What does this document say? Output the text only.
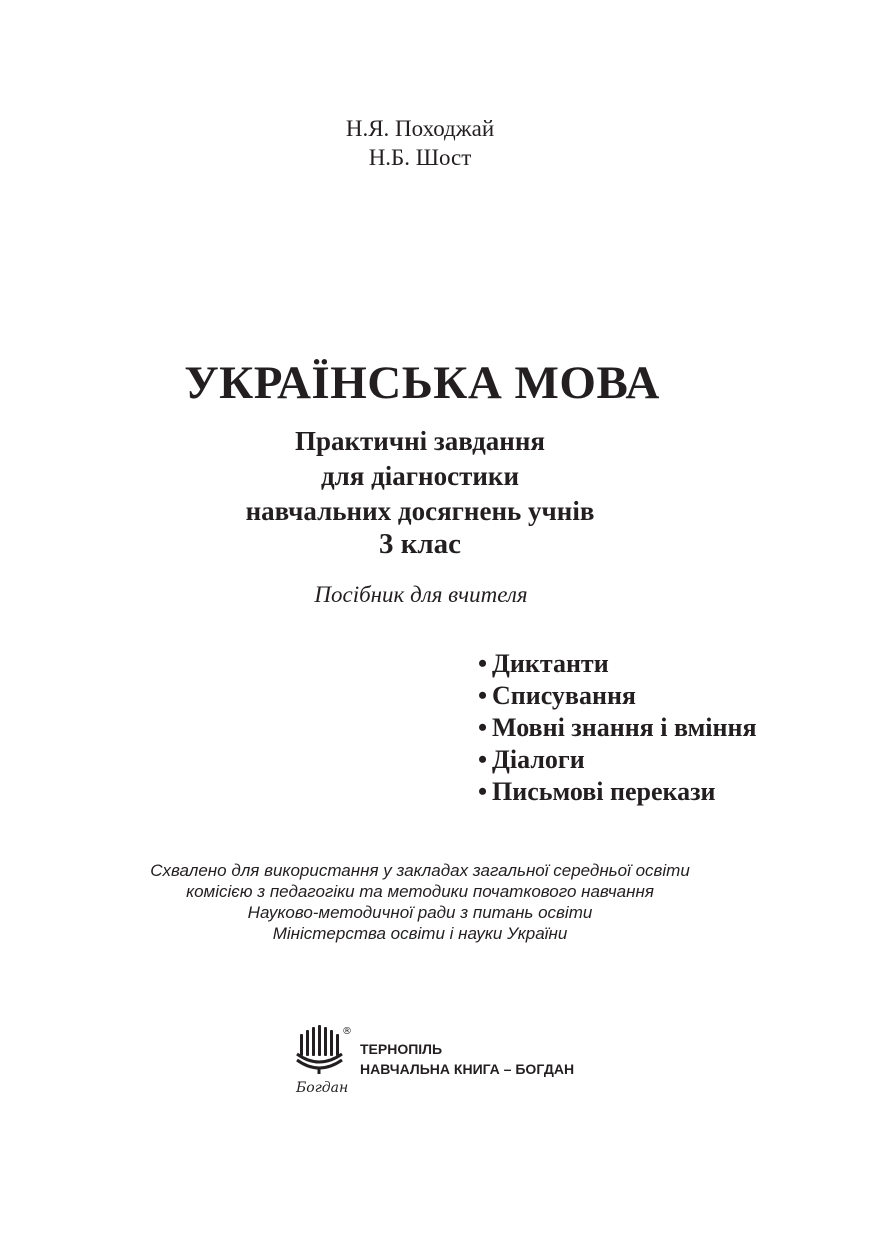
Н.Я. Походжай
Н.Б. Шост
УКРАЇНСЬКА МОВА
Практичні завдання
для діагностики
навчальних досягнень учнів
3 клас
Посібник для вчителя
• Диктанти
• Списування
• Мовні знання і вміння
• Діалоги
• Письмові перекази
Схвалено для використання у закладах загальної середньої освіти
комісією з педагогіки та методики початкового навчання
Науково-методичної ради з питань освіти
Міністерства освіти і науки України
Богдан
®
ТЕРНОПІЛЬ
НАВЧАЛЬНА КНИГА – БОГДАН
